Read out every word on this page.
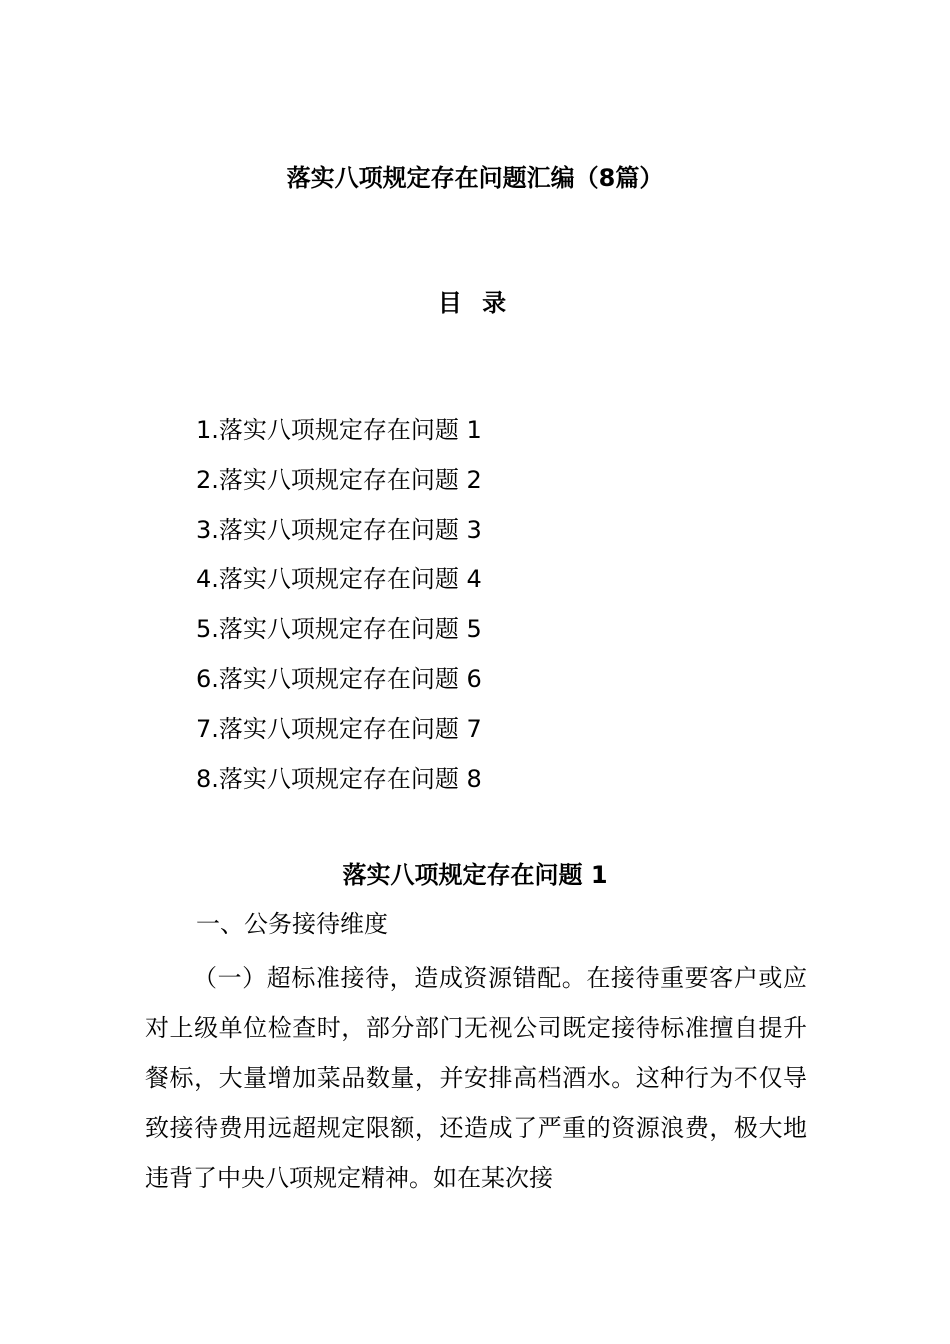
落实八项规定存在问题汇编（8篇）
目 录
1.落实八项规定存在问题 1
2.落实八项规定存在问题 2
3.落实八项规定存在问题 3
4.落实八项规定存在问题 4
5.落实八项规定存在问题 5
6.落实八项规定存在问题 6
7.落实八项规定存在问题 7
8.落实八项规定存在问题 8
落实八项规定存在问题 1
一、公务接待维度

（一）超标准接待，造成资源错配。在接待重要客户或应对上级单位检查时，部分部门无视公司既定接待标准擅自提升餐标，大量增加菜品数量，并安排高档酒水。这种行为不仅导致接待费用远超规定限额，还造成了严重的资源浪费，极大地违背了中央八项规定精神。如在某次接
